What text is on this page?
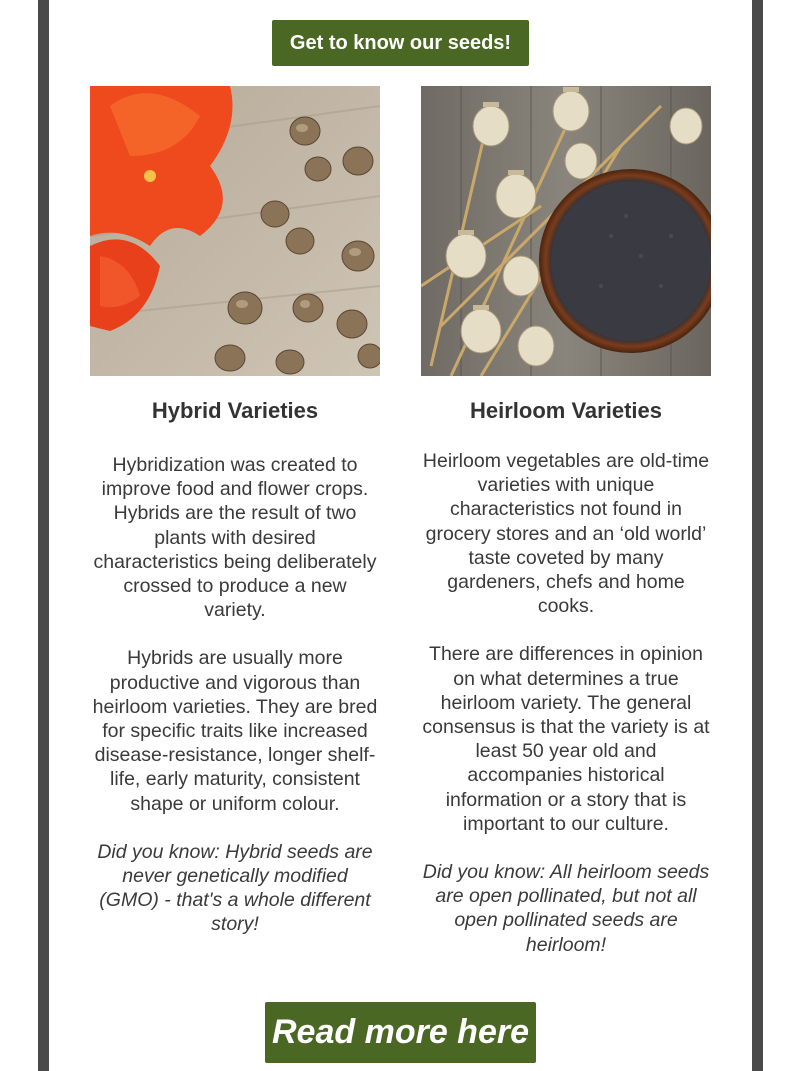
Get to know our seeds!
Hybrid Varieties

Hybridization was created to improve food and flower crops. Hybrids are the result of two plants with desired characteristics being deliberately crossed to produce a new variety.

Hybrids are usually more productive and vigorous than heirloom varieties. They are bred for specific traits like increased disease-resistance, longer shelf-life, early maturity, consistent shape or uniform colour.

Did you know: Hybrid seeds are never genetically modified (GMO) - that's a whole different story!

Heirloom Varieties

Heirloom vegetables are old-time varieties with unique characteristics not found in grocery stores and an ‘old world’ taste coveted by many gardeners, chefs and home cooks.

There are differences in opinion on what determines a true heirloom variety. The general consensus is that the variety is at least 50 year old and accompanies historical information or a story that is important to our culture.

Did you know: All heirloom seeds are open pollinated, but not all open pollinated seeds are heirloom!

Read more here
